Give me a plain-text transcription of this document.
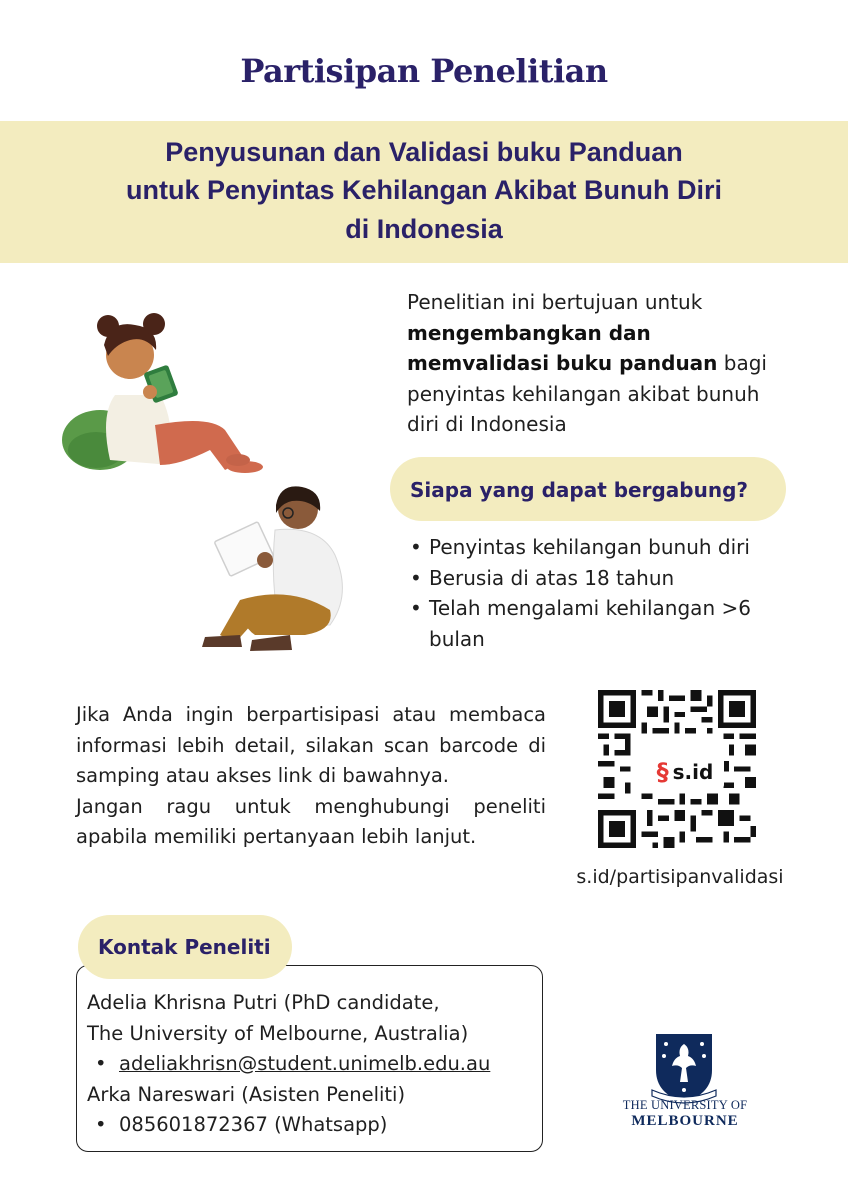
Partisipan Penelitian
Penyusunan dan Validasi buku Panduan
untuk Penyintas Kehilangan Akibat Bunuh Diri
di Indonesia
Penelitian ini bertujuan untuk
mengembangkan dan
memvalidasi buku panduan bagi
penyintas kehilangan akibat bunuh
diri di Indonesia
Siapa yang dapat bergabung?
• Penyintas kehilangan bunuh diri
• Berusia di atas 18 tahun
• Telah mengalami kehilangan >6 bulan

Jika Anda ingin berpartisipasi atau membaca informasi lebih detail, silakan scan barcode di samping atau akses link di bawahnya.

Jangan ragu untuk menghubungi peneliti apabila memiliki pertanyaan lebih lanjut.

§ s.id
s.id/partisipanvalidasi
Kontak Peneliti
Adelia Khrisna Putri (PhD candidate,
The University of Melbourne, Australia)
• adeliakhrisn@student.unimelb.edu.au
Arka Nareswari (Asisten Peneliti)
• 085601872367 (Whatsapp)
THE UNIVERSITY OF
MELBOURNE
